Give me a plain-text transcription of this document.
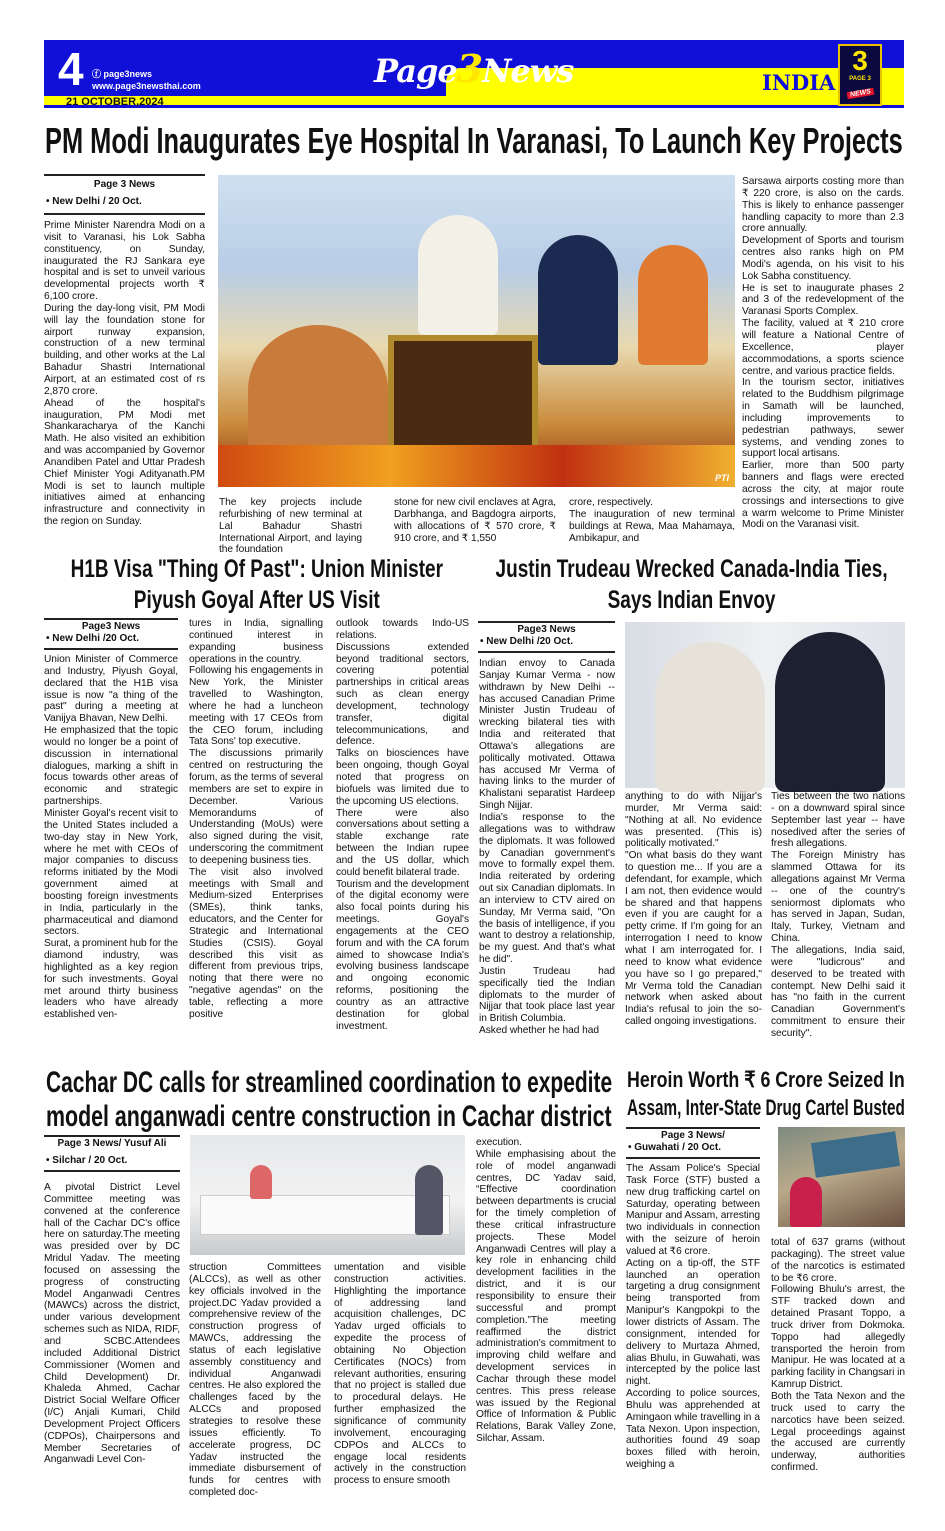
4 ⓕ page3news
www.page3newsthai.com
21 OCTOBER,2024
Page3News	INDIA
3
PAGE 3
NEWS
PM Modi Inaugurates Eye Hospital In Varanasi, To Launch Key Projects
Page 3 News
• New Delhi / 20 Oct.

Prime Minister Narendra Modi on a visit to Varanasi, his Lok Sabha constituency, on Sunday, inaugurated the RJ Sankara eye hospital and is set to unveil various developmental projects worth ₹ 6,100 crore.

During the day-long visit, PM Modi will lay the foundation stone for airport runway expansion, construction of a new terminal building, and other works at the Lal Bahadur Shastri International Airport, at an estimated cost of rs 2,870 crore.

Ahead of the hospital's inauguration, PM Modi met Shankaracharya of the Kanchi Math. He also visited an exhibition and was accompanied by Governor Anandiben Patel and Uttar Pradesh Chief Minister Yogi Adityanath.PM Modi is set to launch multiple initiatives aimed at enhancing infrastructure and connectivity in the region on Sunday.

PTI

The key projects include refurbishing of new terminal at Lal Bahadur Shastri International Airport, and laying the foundation

stone for new civil enclaves at Agra, Darbhanga, and Bagdogra airports, with allocations of ₹ 570 crore, ₹ 910 crore, and ₹ 1,550

crore, respectively.

The inauguration of new terminal buildings at Rewa, Maa Mahamaya, Ambikapur, and

Sarsawa airports costing more than ₹ 220 crore, is also on the cards. This is likely to enhance passenger handling capacity to more than 2.3 crore annually.

Development of Sports and tourism centres also ranks high on PM Modi's agenda, on his visit to his Lok Sabha constituency.

He is set to inaugurate phases 2 and 3 of the redevelopment of the Varanasi Sports Complex.

The facility, valued at ₹ 210 crore will feature a National Centre of Excellence, player accommodations, a sports science centre, and various practice fields.

In the tourism sector, initiatives related to the Buddhism pilgrimage in Samath will be launched, including improvements to pedestrian pathways, sewer systems, and vending zones to support local artisans.

Earlier, more than 500 party banners and flags were erected across the city, at major route crossings and intersections to give a warm welcome to Prime Minister Modi on the Varanasi visit.

H1B Visa "Thing Of Past": Union Minister Piyush Goyal After US Visit
Page3 News
• New Delhi /20 Oct.

Union Minister of Commerce and Industry, Piyush Goyal, declared that the H1B visa issue is now "a thing of the past" during a meeting at Vanijya Bhavan, New Delhi.

He emphasized that the topic would no longer be a point of discussion in international dialogues, marking a shift in focus towards other areas of economic and strategic partnerships.

Minister Goyal's recent visit to the United States included a two-day stay in New York, where he met with CEOs of major companies to discuss reforms initiated by the Modi government aimed at boosting foreign investments in India, particularly in the pharmaceutical and diamond sectors.

Surat, a prominent hub for the diamond industry, was highlighted as a key region for such investments. Goyal met around thirty business leaders who have already established ven-

tures in India, signalling continued interest in expanding business operations in the country.

Following his engagements in New York, the Minister travelled to Washington, where he had a luncheon meeting with 17 CEOs from the CEO forum, including Tata Sons' top executive.

The discussions primarily centred on restructuring the forum, as the terms of several members are set to expire in December. Various Memorandums of Understanding (MoUs) were also signed during the visit, underscoring the commitment to deepening business ties.

The visit also involved meetings with Small and Medium-sized Enterprises (SMEs), think tanks, educators, and the Center for Strategic and International Studies (CSIS). Goyal described this visit as different from previous trips, noting that there were no "negative agendas" on the table, reflecting a more positive

outlook towards Indo-US relations.

Discussions extended beyond traditional sectors, covering potential partnerships in critical areas such as clean energy development, technology transfer, digital telecommunications, and defence.

Talks on biosciences have been ongoing, though Goyal noted that progress on biofuels was limited due to the upcoming US elections.

There were also conversations about setting a stable exchange rate between the Indian rupee and the US dollar, which could benefit bilateral trade.

Tourism and the development of the digital economy were also focal points during his meetings. Goyal's engagements at the CEO forum and with the CA forum aimed to showcase India's evolving business landscape and ongoing economic reforms, positioning the country as an attractive destination for global investment.

Justin Trudeau Wrecked Canada-India Ties, Says Indian Envoy
Page3 News
• New Delhi /20 Oct.

Indian envoy to Canada Sanjay Kumar Verma - now withdrawn by New Delhi -- has accused Canadian Prime Minister Justin Trudeau of wrecking bilateral ties with India and reiterated that Ottawa's allegations are politically motivated. Ottawa has accused Mr Verma of having links to the murder of Khalistani separatist Hardeep Singh Nijjar.

India's response to the allegations was to withdraw the diplomats. It was followed by Canadian government's move to formally expel them. India reiterated by ordering out six Canadian diplomats. In an interview to CTV aired on Sunday, Mr Verma said, "On the basis of intelligence, if you want to destroy a relationship, be my guest. And that's what he did".

Justin Trudeau had specifically tied the Indian diplomats to the murder of Nijjar that took place last year in British Columbia.

Asked whether he had had

anything to do with Nijjar's murder, Mr Verma said: "Nothing at all. No evidence was presented. (This is) politically motivated."

"On what basis do they want to question me... If you are a defendant, for example, which I am not, then evidence would be shared and that happens even if you are caught for a petty crime. If I'm going for an interrogation I need to know what I am interrogated for. I need to know what evidence you have so I go prepared," Mr Verma told the Canadian network when asked about India's refusal to join the so-called ongoing investigations.

Ties between the two nations - on a downward spiral since September last year -- have nosedived after the series of fresh allegations.

The Foreign Ministry has slammed Ottawa for its allegations against Mr Verma -- one of the country's seniormost diplomats who has served in Japan, Sudan, Italy, Turkey, Vietnam and China.

The allegations, India said, were "ludicrous" and deserved to be treated with contempt. New Delhi said it has "no faith in the current Canadian Government's commitment to ensure their security".

Cachar DC calls for streamlined coordination to expedite
model anganwadi centre construction in Cachar district
Page 3 News/ Yusuf Ali
• Silchar / 20 Oct.

A pivotal District Level Committee meeting was convened at the conference hall of the Cachar DC's office here on saturday.The meeting was presided over by DC Mridul Yadav. The meeting focused on assessing the progress of constructing Model Anganwadi Centres (MAWCs) across the district, under various development schemes such as NIDA, RIDF, and SCBC.Attendees included Additional District Commissioner (Women and Child Development) Dr. Khaleda Ahmed, Cachar District Social Welfare Officer (I/C) Anjali Kumari, Child Development Project Officers (CDPOs), Chairpersons and Member Secretaries of Anganwadi Level Con-

struction Committees (ALCCs), as well as other key officials involved in the project.DC Yadav provided a comprehensive review of the construction progress of MAWCs, addressing the status of each legislative assembly constituency and individual Anganwadi centres. He also explored the challenges faced by the ALCCs and proposed strategies to resolve these issues efficiently. To accelerate progress, DC Yadav instructed the immediate disbursement of funds for centres with completed doc-

umentation and visible construction activities. Highlighting the importance of addressing land acquisition challenges, DC Yadav urged officials to expedite the process of obtaining No Objection Certificates (NOCs) from relevant authorities, ensuring that no project is stalled due to procedural delays. He further emphasized the significance of community involvement, encouraging CDPOs and ALCCs to engage local residents actively in the construction process to ensure smooth

execution.

While emphasising about the role of model anganwadi centres, DC Yadav said, “Effective coordination between departments is crucial for the timely completion of these critical infrastructure projects. These Model Anganwadi Centres will play a key role in enhancing child development facilities in the district, and it is our responsibility to ensure their successful and prompt completion.”The meeting reaffirmed the district administration's commitment to improving child welfare and development services in Cachar through these model centres. This press release was issued by the Regional Office of Information & Public Relations, Barak Valley Zone, Silchar, Assam.

Heroin Worth ₹ 6 Crore Seized In
Assam, Inter-State Drug Cartel Busted
Page 3 News/
• Guwahati / 20 Oct.

The Assam Police's Special Task Force (STF) busted a new drug trafficking cartel on Saturday, operating between Manipur and Assam, arresting two individuals in connection with the seizure of heroin valued at ₹6 crore.

Acting on a tip-off, the STF launched an operation targeting a drug consignment being transported from Manipur's Kangpokpi to the lower districts of Assam. The consignment, intended for delivery to Murtaza Ahmed, alias Bhulu, in Guwahati, was intercepted by the police last night.

According to police sources, Bhulu was apprehended at Amingaon while travelling in a Tata Nexon. Upon inspection, authorities found 49 soap boxes filled with heroin, weighing a

total of 637 grams (without packaging). The street value of the narcotics is estimated to be ₹6 crore.

Following Bhulu's arrest, the STF tracked down and detained Prasant Toppo, a truck driver from Dokmoka. Toppo had allegedly transported the heroin from Manipur. He was located at a parking facility in Changsari in Kamrup District.

Both the Tata Nexon and the truck used to carry the narcotics have been seized. Legal proceedings against the accused are currently underway, authorities confirmed.
